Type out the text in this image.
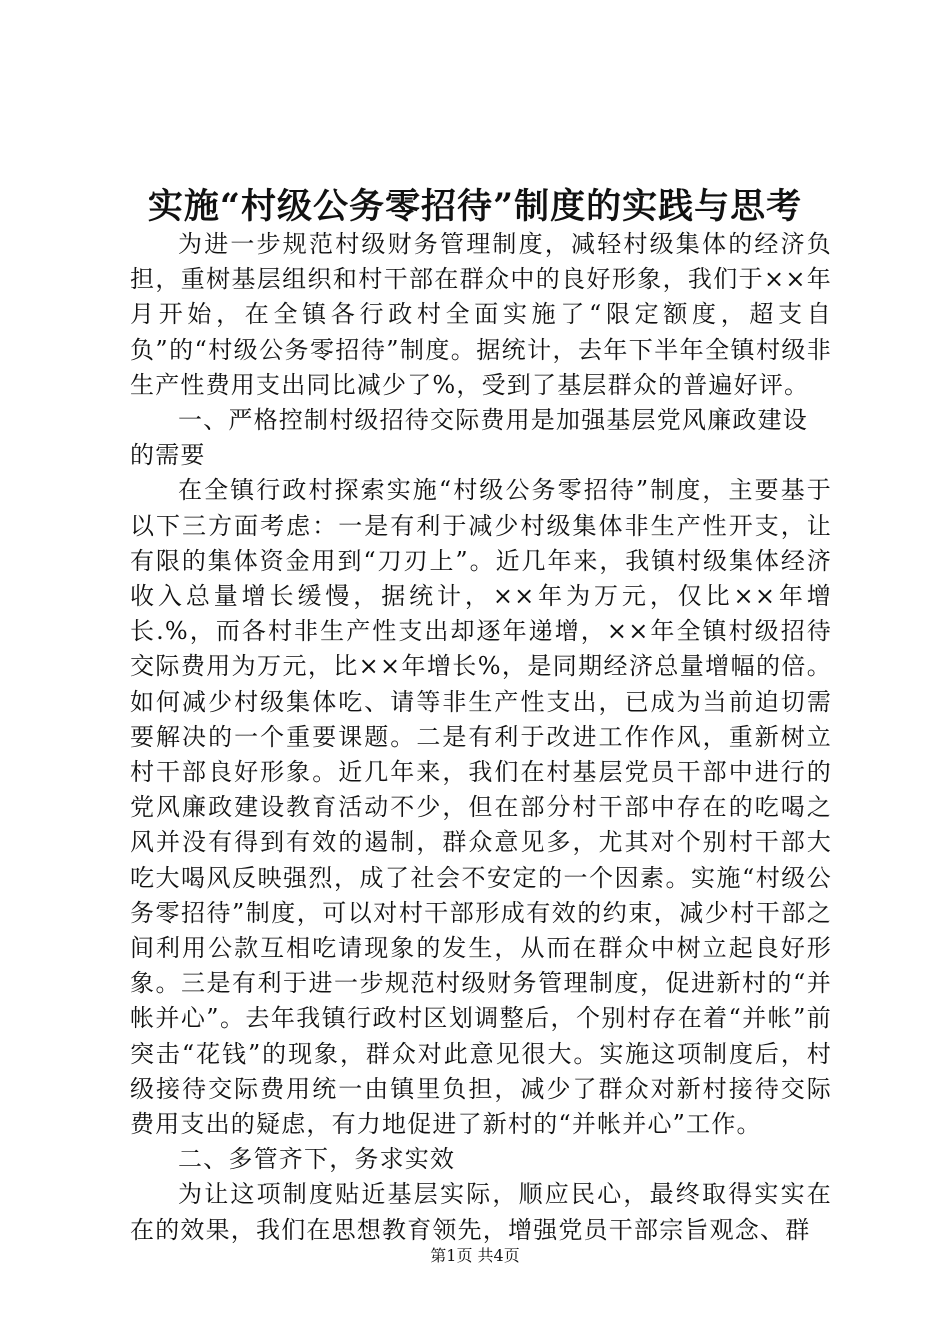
实施“村级公务零招待”制度的实践与思考

为进一步规范村级财务管理制度，减轻村级集体的经济负担，重树基层组织和村干部在群众中的良好形象，我们于××年月开始，在全镇各行政村全面实施了“限定额度，超支自负”的“村级公务零招待”制度。据统计，去年下半年全镇村级非生产性费用支出同比减少了%，受到了基层群众的普遍好评。

一、严格控制村级招待交际费用是加强基层党风廉政建设的需要

在全镇行政村探索实施“村级公务零招待”制度，主要基于以下三方面考虑：一是有利于减少村级集体非生产性开支，让有限的集体资金用到“刀刃上”。近几年来，我镇村级集体经济收入总量增长缓慢，据统计，××年为万元，仅比××年增长.%，而各村非生产性支出却逐年递增，××年全镇村级招待交际费用为万元，比××年增长%，是同期经济总量增幅的倍。如何减少村级集体吃、请等非生产性支出，已成为当前迫切需要解决的一个重要课题。二是有利于改进工作作风，重新树立村干部良好形象。近几年来，我们在村基层党员干部中进行的党风廉政建设教育活动不少，但在部分村干部中存在的吃喝之风并没有得到有效的遏制，群众意见多，尤其对个别村干部大吃大喝风反映强烈，成了社会不安定的一个因素。实施“村级公务零招待”制度，可以对村干部形成有效的约束，减少村干部之间利用公款互相吃请现象的发生，从而在群众中树立起良好形象。三是有利于进一步规范村级财务管理制度，促进新村的“并帐并心”。去年我镇行政村区划调整后，个别村存在着“并帐”前突击“花钱”的现象，群众对此意见很大。实施这项制度后，村级接待交际费用统一由镇里负担，减少了群众对新村接待交际费用支出的疑虑，有力地促进了新村的“并帐并心”工作。

二、多管齐下，务求实效

为让这项制度贴近基层实际，顺应民心，最终取得实实在在的效果，我们在思想教育领先，增强党员干部宗旨观念、群

第1页 共4页
